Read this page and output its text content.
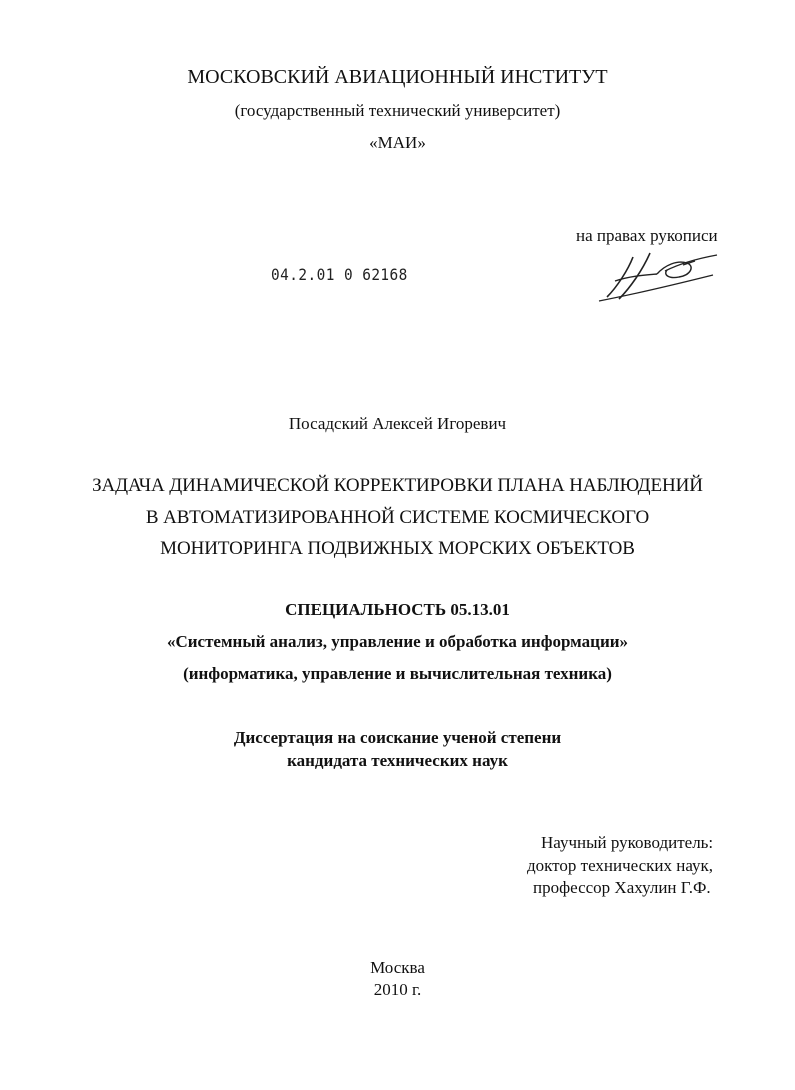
МОСКОВСКИЙ АВИАЦИОННЫЙ ИНСТИТУТ
(государственный технический университет)
«МАИ»
на правах рукописи
04.2.01 0 62168
Посадский Алексей Игоревич
ЗАДАЧА ДИНАМИЧЕСКОЙ КОРРЕКТИРОВКИ ПЛАНА НАБЛЮДЕНИЙ
В АВТОМАТИЗИРОВАННОЙ СИСТЕМЕ КОСМИЧЕСКОГО
МОНИТОРИНГА ПОДВИЖНЫХ МОРСКИХ ОБЪЕКТОВ
СПЕЦИАЛЬНОСТЬ 05.13.01
«Системный анализ, управление и обработка информации»
(информатика, управление и вычислительная техника)
Диссертация на соискание ученой степени
кандидата технических наук
Научный руководитель:
доктор технических наук,
профессор Хахулин Г.Ф.
Москва
2010 г.
